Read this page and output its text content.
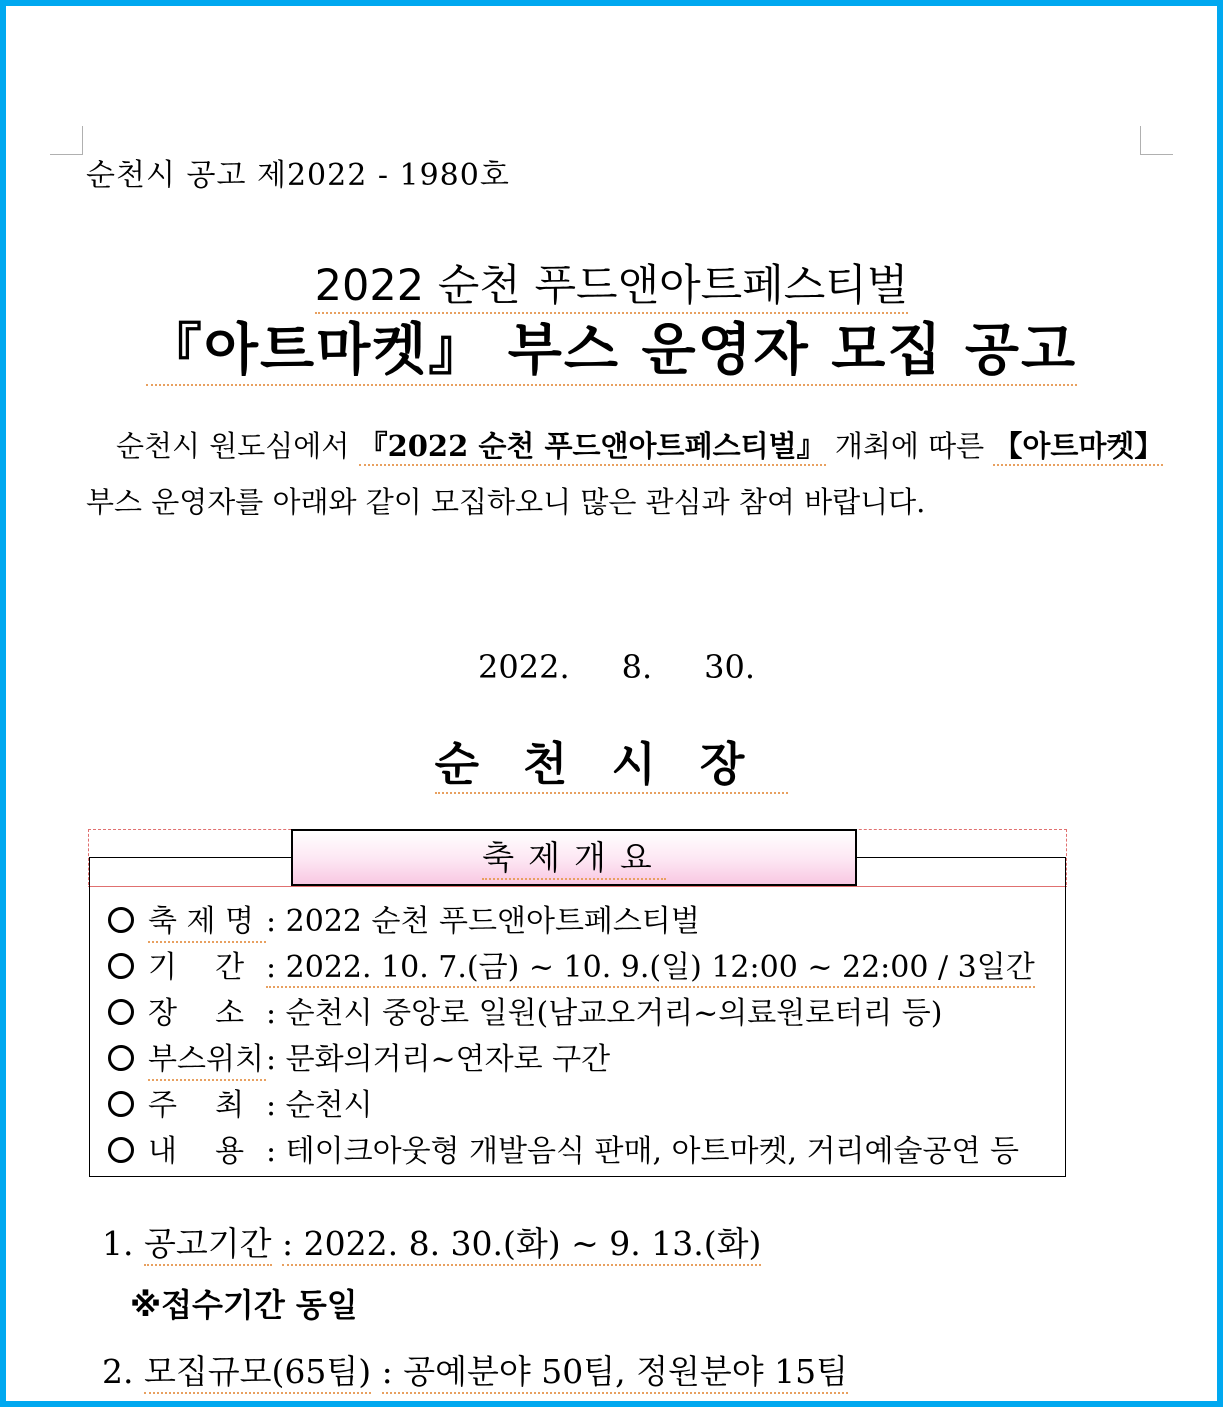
순천시 공고 제2022 - 1980호
2022 순천 푸드앤아트페스티벌
『아트마켓』 부스 운영자 모집 공고
순천시 원도심에서 『2022 순천 푸드앤아트페스티벌』 개최에 따른 【아트마켓】
부스 운영자를 아래와 같이 모집하오니 많은 관심과 참여 바랍니다.
2022. 8. 30.
순천시장
축제개요
축 제 명 : 2022 순천 푸드앤아트페스티벌
기    간 : 2022. 10. 7.(금) ~ 10. 9.(일) 12:00 ~ 22:00 / 3일간
장    소 : 순천시 중앙로 일원(남교오거리~의료원로터리 등)
부스위치: 문화의거리~연자로 구간
주    최 : 순천시
내    용 : 테이크아웃형 개발음식 판매, 아트마켓, 거리예술공연 등
1. 공고기간 : 2022. 8. 30.(화) ~ 9. 13.(화)
※접수기간 동일
2. 모집규모(65팀) : 공예분야 50팀, 정원분야 15팀
